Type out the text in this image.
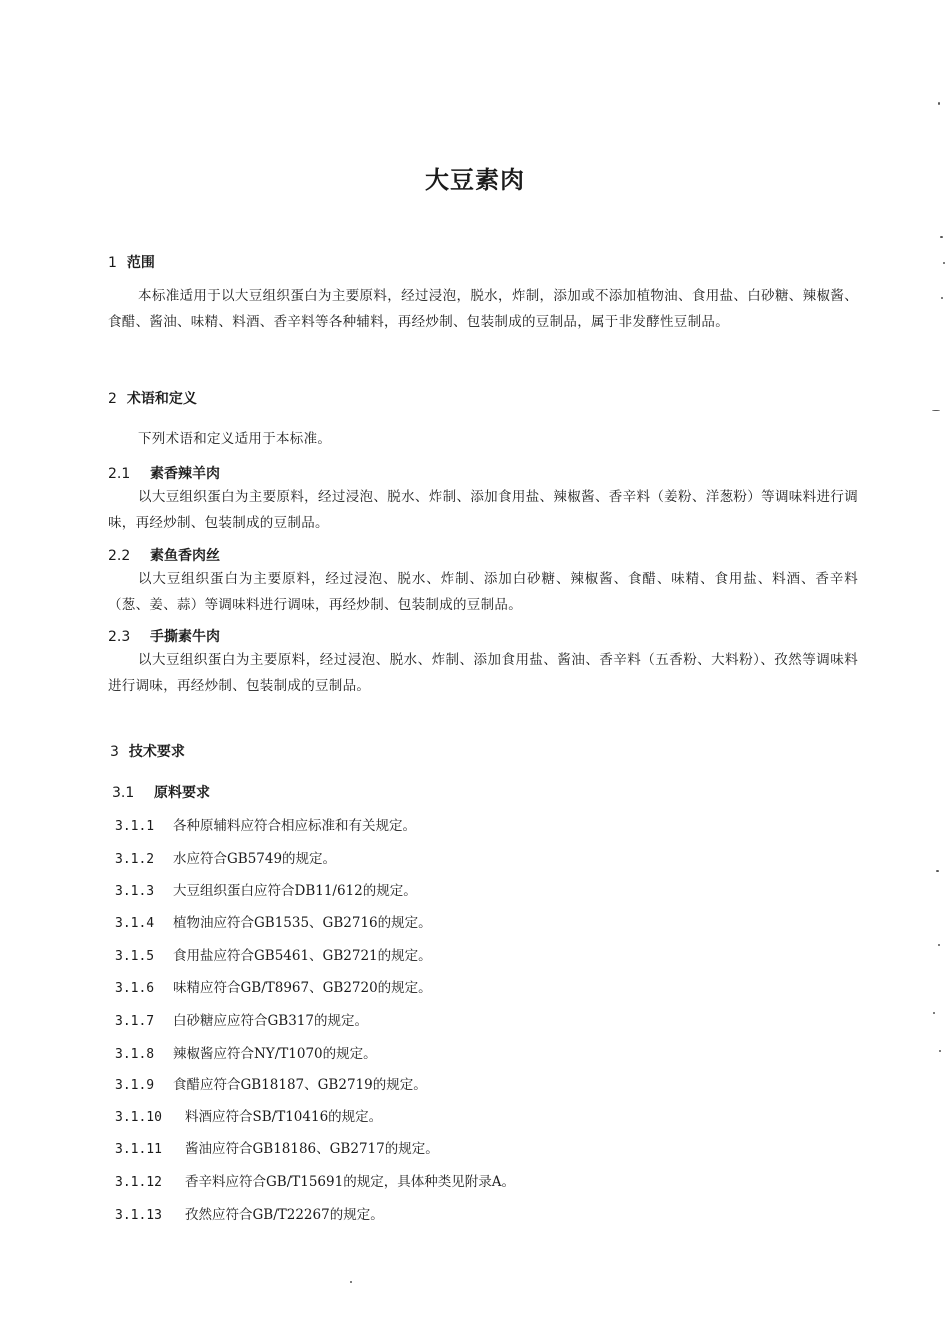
大豆素肉
1 范围
本标准适用于以大豆组织蛋白为主要原料，经过浸泡，脱水，炸制，添加或不添加植物油、食用盐、白砂糖、辣椒酱、食醋、酱油、味精、料酒、香辛料等各种辅料，再经炒制、包装制成的豆制品，属于非发酵性豆制品。
2 术语和定义
下列术语和定义适用于本标准。
2.1 素香辣羊肉
以大豆组织蛋白为主要原料，经过浸泡、脱水、炸制、添加食用盐、辣椒酱、香辛料（姜粉、洋葱粉）等调味料进行调味，再经炒制、包装制成的豆制品。
2.2 素鱼香肉丝
以大豆组织蛋白为主要原料，经过浸泡、脱水、炸制、添加白砂糖、辣椒酱、食醋、味精、食用盐、料酒、香辛料（葱、姜、蒜）等调味料进行调味，再经炒制、包装制成的豆制品。
2.3 手撕素牛肉
以大豆组织蛋白为主要原料，经过浸泡、脱水、炸制、添加食用盐、酱油、香辛料（五香粉、大料粉）、孜然等调味料进行调味，再经炒制、包装制成的豆制品。
3 技术要求
3.1 原料要求
3.1.1 各种原辅料应符合相应标准和有关规定。
3.1.2 水应符合GB5749的规定。
3.1.3 大豆组织蛋白应符合DB11/612的规定。
3.1.4 植物油应符合GB1535、GB2716的规定。
3.1.5 食用盐应符合GB5461、GB2721的规定。
3.1.6 味精应符合GB/T8967、GB2720的规定。
3.1.7 白砂糖应应符合GB317的规定。
3.1.8 辣椒酱应符合NY/T1070的规定。
3.1.9 食醋应符合GB18187、GB2719的规定。
3.1.10 料酒应符合SB/T10416的规定。
3.1.11 酱油应符合GB18186、GB2717的规定。
3.1.12 香辛料应符合GB/T15691的规定，具体种类见附录A。
3.1.13 孜然应符合GB/T22267的规定。
